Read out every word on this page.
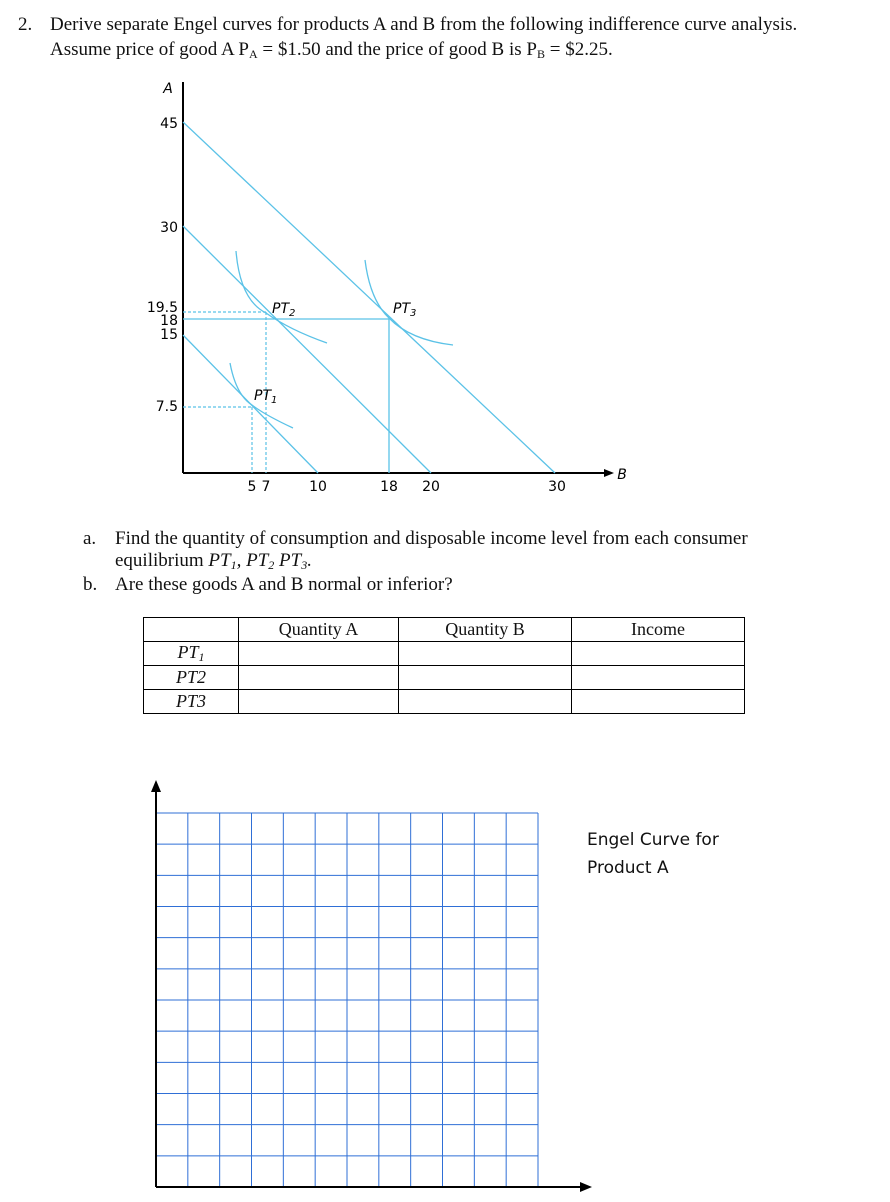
2. Derive separate Engel curves for products A and B from the following indifference curve analysis.
Assume price of good A $P_A$ = $1.50 and the price of good B is $P_B$ = $2.25.
A
B
45
30
19.5
18
15
7.5
5 7	10	18 20	30
$PT_2$	$PT_3$
$PT_1$
a. Find the quantity of consumption and disposable income level from each consumer
equilibrium $PT_1$, $PT_2$ $PT_3$.
b. Are these goods A and B normal or inferior?
	Quantity A	Quantity B	Income
$PT_1$			
PT2			
PT3			
Engel Curve for
Product A
